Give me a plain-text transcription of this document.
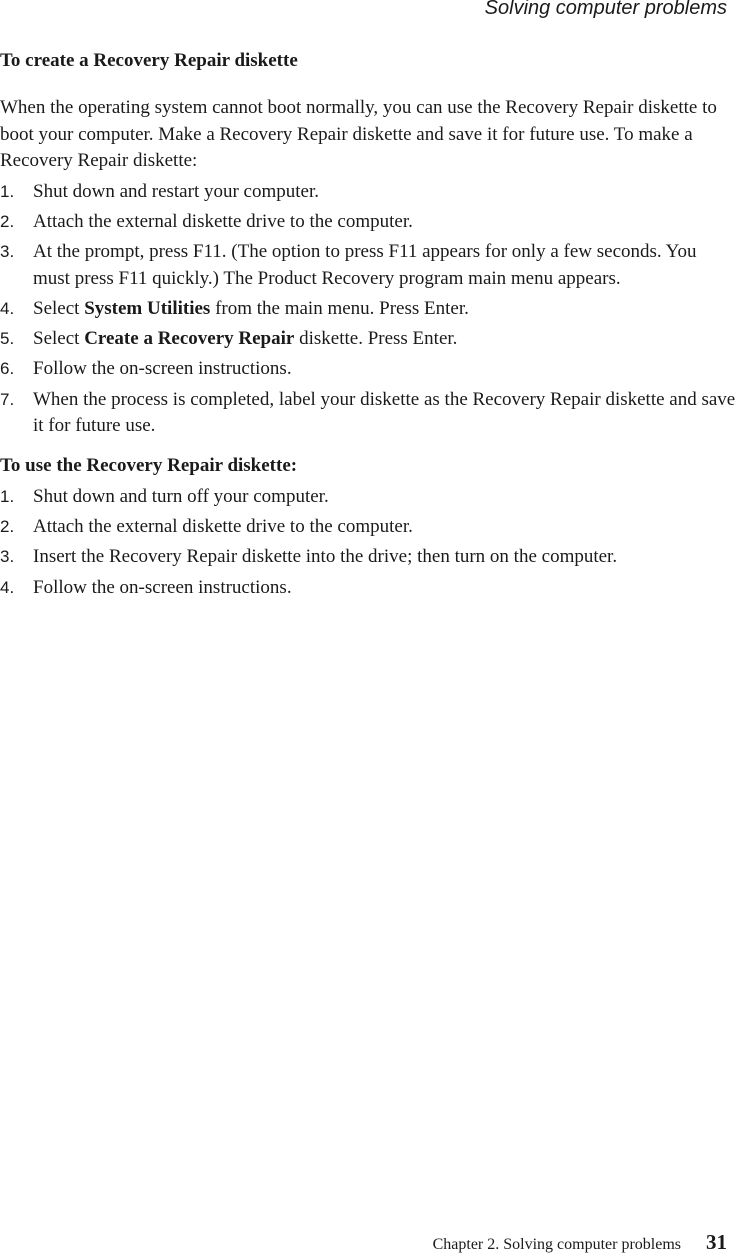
Solving computer problems
To create a Recovery Repair diskette

When the operating system cannot boot normally, you can use the Recovery Repair diskette to boot your computer. Make a Recovery Repair diskette and save it for future use. To make a Recovery Repair diskette:

1. Shut down and restart your computer.
2. Attach the external diskette drive to the computer.
3. At the prompt, press F11. (The option to press F11 appears for only a few seconds. You must press F11 quickly.) The Product Recovery program main menu appears.
4. Select System Utilities from the main menu. Press Enter.
5. Select Create a Recovery Repair diskette. Press Enter.
6. Follow the on-screen instructions.
7. When the process is completed, label your diskette as the Recovery Repair diskette and save it for future use.
To use the Recovery Repair diskette:
1. Shut down and turn off your computer.
2. Attach the external diskette drive to the computer.
3. Insert the Recovery Repair diskette into the drive; then turn on the computer.
4. Follow the on-screen instructions.
Chapter 2. Solving computer problems 31
